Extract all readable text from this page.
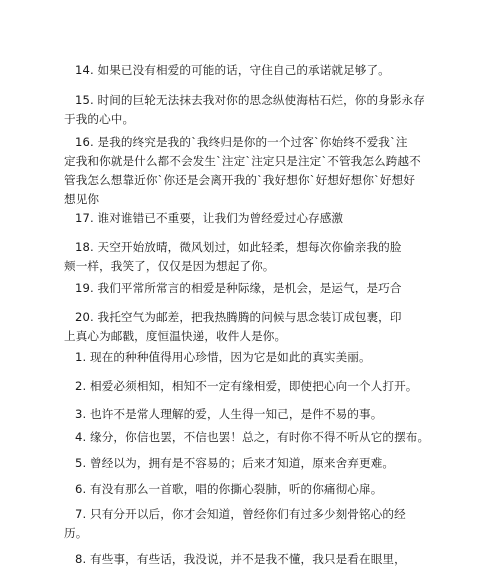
14. 如果已没有相爱的可能的话，守住自己的承诺就足够了。

15. 时间的巨轮无法抹去我对你的思念纵使海枯石烂，你的身影永存
于我的心中。

16. 是我的终究是我的`我终归是你的一个过客`你始终不爱我`注
定我和你就是什么都不会发生`注定`注定只是注定`不管我怎么跨越不
管我怎么想靠近你`你还是会离开我的`我好想你`好想好想你`好想好
想见你

17. 谁对谁错已不重要，让我们为曾经爱过心存感激

18. 天空开始放晴，微风划过，如此轻柔，想每次你偷亲我的脸
颊一样，我笑了，仅仅是因为想起了你。

19. 我们平常所常言的相爱是种际缘，是机会，是运气，是巧合

20. 我托空气为邮差，把我热腾腾的问候与思念装订成包裹，印
上真心为邮戳，度恒温快递，收件人是你。

1. 现在的种种值得用心珍惜，因为它是如此的真实美丽。

2. 相爱必须相知，相知不一定有缘相爱，即使把心向一个人打开。

3. 也许不是常人理解的爱，人生得一知己，是件不易的事。

4. 缘分，你信也罢，不信也罢！总之，有时你不得不听从它的摆布。

5. 曾经以为，拥有是不容易的；后来才知道，原来舍弃更难。

6. 有没有那么一首歌，唱的你撕心裂肺，听的你痛彻心扉。

7. 只有分开以后，你才会知道，曾经你们有过多少刻骨铭心的经
历。

8. 有些事，有些话，我没说，并不是我不懂，我只是看在眼里，
